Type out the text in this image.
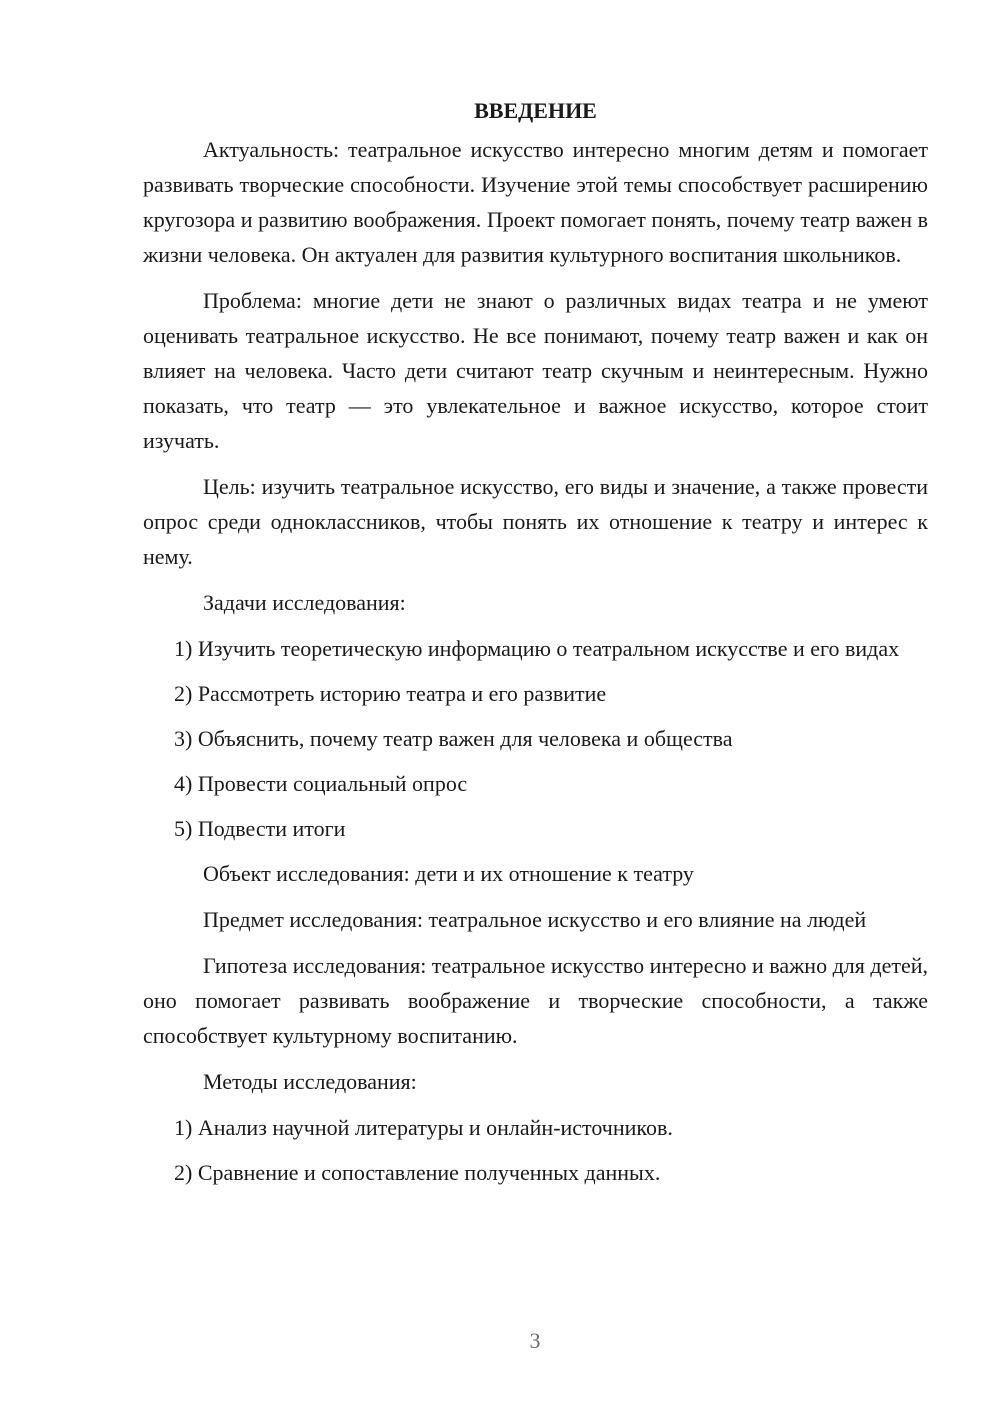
ВВЕДЕНИЕ

Актуальность: театральное искусство интересно многим детям и помогает развивать творческие способности. Изучение этой темы способствует расширению кругозора и развитию воображения. Проект помогает понять, почему театр важен в жизни человека. Он актуален для развития культурного воспитания школьников.

Проблема: многие дети не знают о различных видах театра и не умеют оценивать театральное искусство. Не все понимают, почему театр важен и как он влияет на человека. Часто дети считают театр скучным и неинтересным. Нужно показать, что театр — это увлекательное и важное искусство, которое стоит изучать.

Цель: изучить театральное искусство, его виды и значение, а также провести опрос среди одноклассников, чтобы понять их отношение к театру и интерес к нему.

Задачи исследования:

1) Изучить теоретическую информацию о театральном искусстве и его видах

2) Рассмотреть историю театра и его развитие

3) Объяснить, почему театр важен для человека и общества

4) Провести социальный опрос

5) Подвести итоги

Объект исследования: дети и их отношение к театру

Предмет исследования: театральное искусство и его влияние на людей

Гипотеза исследования: театральное искусство интересно и важно для детей, оно помогает развивать воображение и творческие способности, а также способствует культурному воспитанию.

Методы исследования:

1) Анализ научной литературы и онлайн-источников.

2) Сравнение и сопоставление полученных данных.

3
